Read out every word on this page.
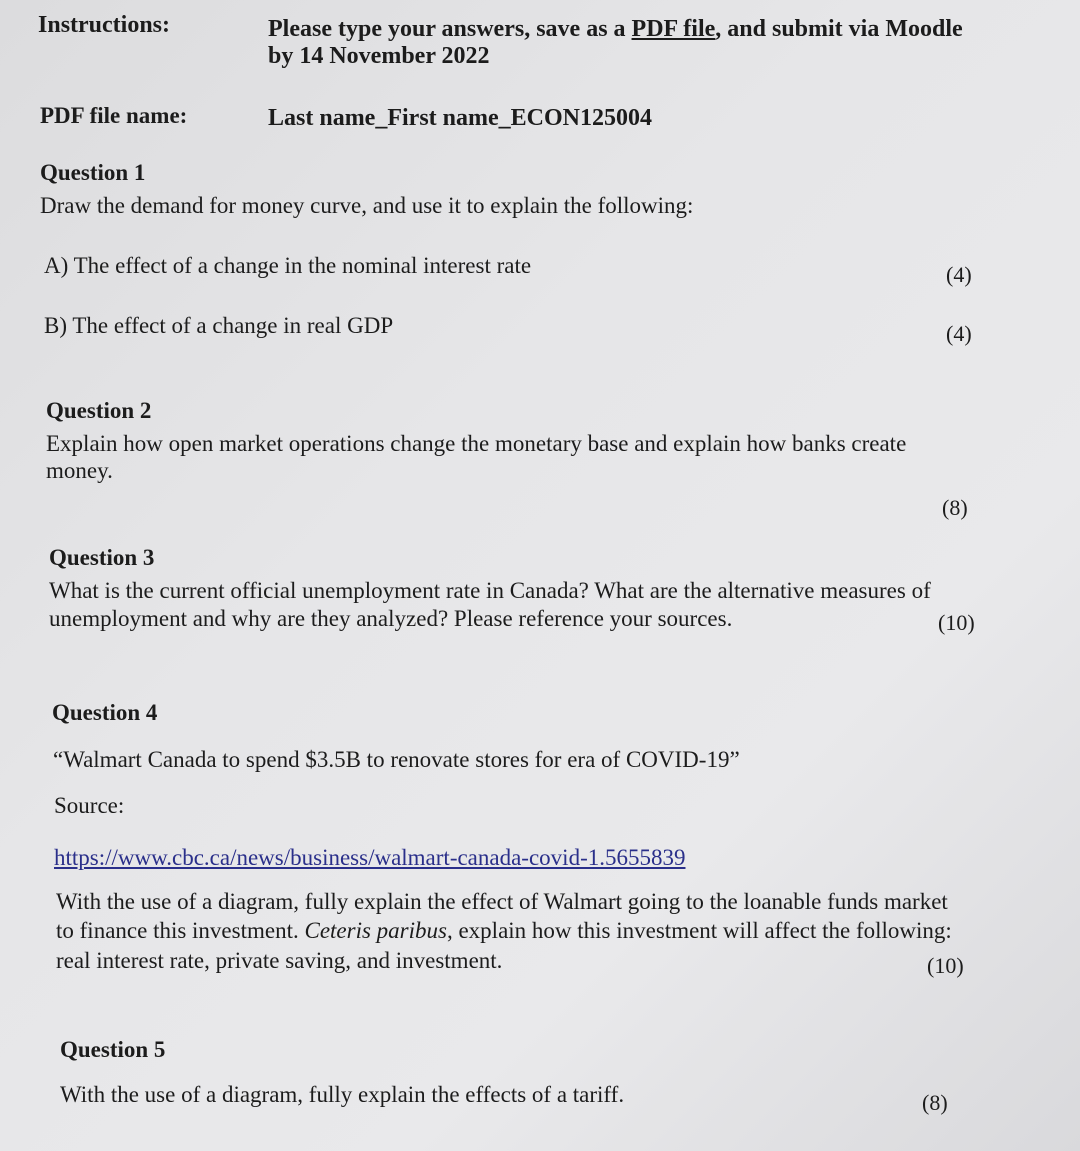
Instructions:	Please type your answers, save as a PDF file, and submit via Moodle
by 14 November 2022
PDF file name:	Last name_First name_ECON125004
Question 1
Draw the demand for money curve, and use it to explain the following:
A) The effect of a change in the nominal interest rate	(4)
B) The effect of a change in real GDP	(4)
Question 2
Explain how open market operations change the monetary base and explain how banks create
money.
(8)
Question 3
What is the current official unemployment rate in Canada? What are the alternative measures of
unemployment and why are they analyzed? Please reference your sources.	(10)
Question 4
“Walmart Canada to spend $3.5B to renovate stores for era of COVID-19”
Source:
https://www.cbc.ca/news/business/walmart-canada-covid-1.5655839
With the use of a diagram, fully explain the effect of Walmart going to the loanable funds market
to finance this investment. Ceteris paribus, explain how this investment will affect the following:
real interest rate, private saving, and investment.	(10)
Question 5
With the use of a diagram, fully explain the effects of a tariff.	(8)
